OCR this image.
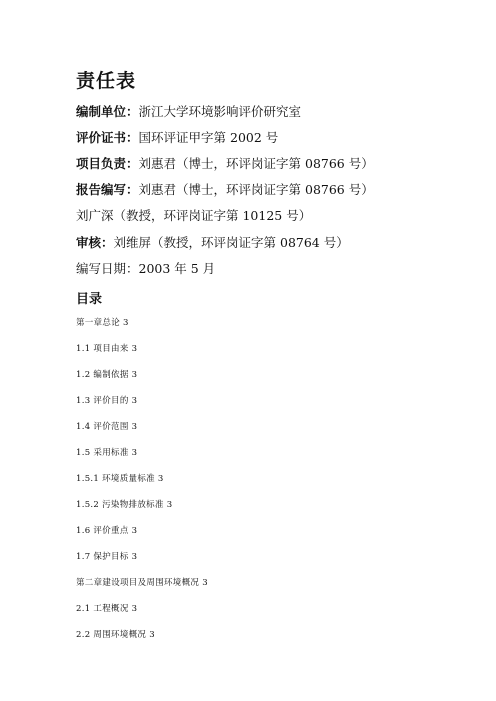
责任表
编制单位：浙江大学环境影响评价研究室
评价证书：国环评证甲字第 2002 号
项目负责：刘惠君（博士，环评岗证字第 08766 号）
报告编写：刘惠君（博士，环评岗证字第 08766 号）
刘广深（教授，环评岗证字第 10125 号）
审核：刘维屏（教授，环评岗证字第 08764 号）
编写日期：2003 年 5 月
目录
第一章总论 3
1.1 项目由来 3
1.2 编制依据 3
1.3 评价目的 3
1.4 评价范围 3
1.5 采用标准 3
1.5.1 环境质量标准 3
1.5.2 污染物排放标准 3
1.6 评价重点 3
1.7 保护目标 3
第二章建设项目及周围环境概况 3
2.1 工程概况 3
2.2 周围环境概况 3
